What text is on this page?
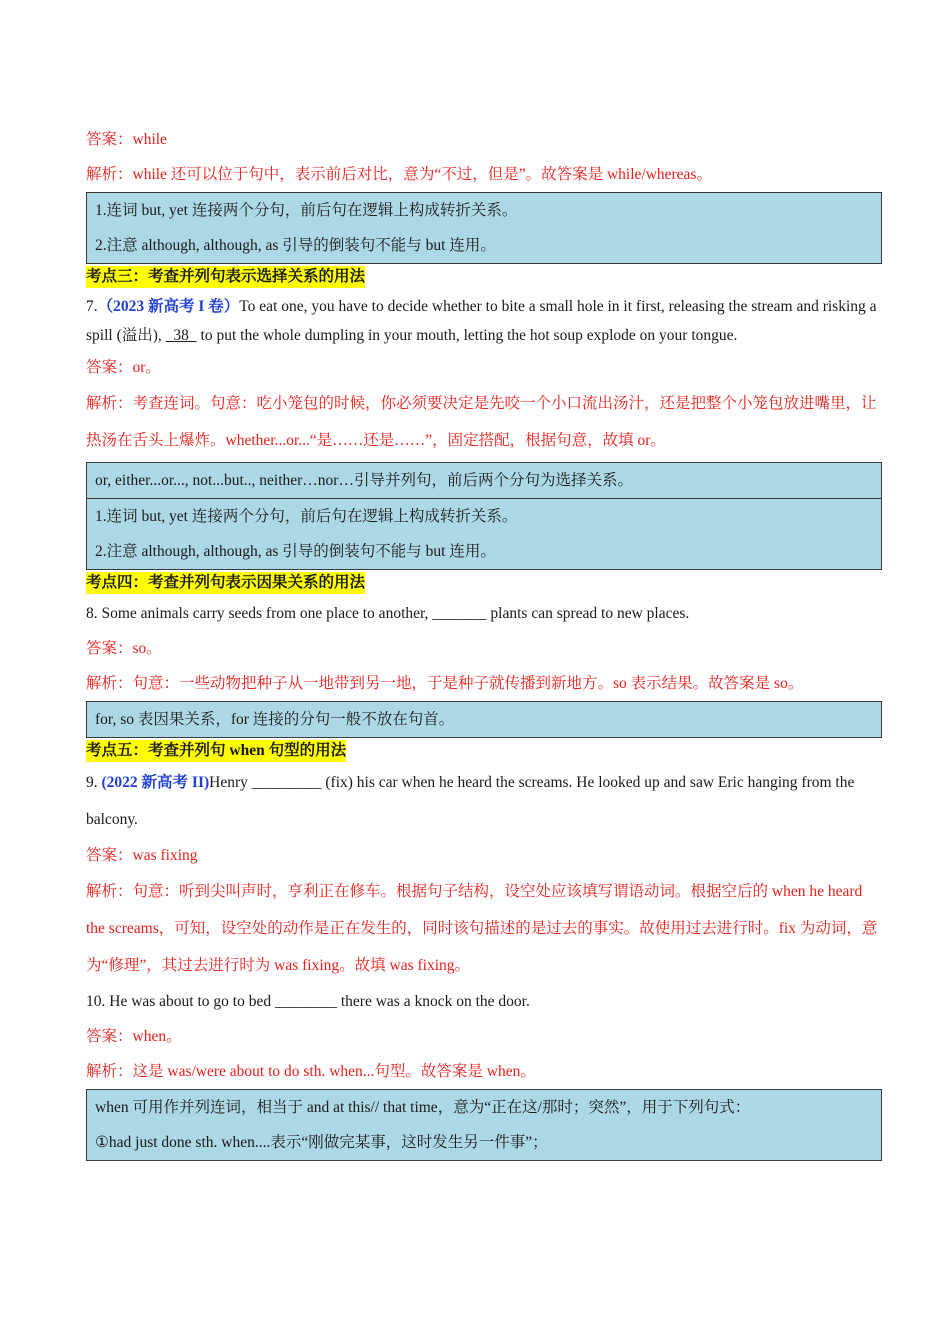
答案：while
解析：while 还可以位于句中，表示前后对比，意为“不过，但是”。故答案是 while/whereas。
1.连词 but, yet 连接两个分句，前后句在逻辑上构成转折关系。
2.注意 although, although, as 引导的倒装句不能与 but 连用。
考点三：考查并列句表示选择关系的用法
7.（2023 新高考 I 卷）To eat one, you have to decide whether to bite a small hole in it first, releasing the stream and risking a spill (溢出),   38   to put the whole dumpling in your mouth, letting the hot soup explode on your tongue.
答案：or。
解析：考查连词。句意：吃小笼包的时候，你必须要决定是先咬一个小口流出汤汁，还是把整个小笼包放进嘴里，让热汤在舌头上爆炸。whether...or...“是……还是……”，固定搭配，根据句意，故填 or。
or, either...or..., not...but.., neither…nor…引导并列句，前后两个分句为选择关系。
1.连词 but, yet 连接两个分句，前后句在逻辑上构成转折关系。
2.注意 although, although, as 引导的倒装句不能与 but 连用。
考点四：考查并列句表示因果关系的用法
8. Some animals carry seeds from one place to another, _______ plants can spread to new places.
答案：so。
解析：句意：一些动物把种子从一地带到另一地，于是种子就传播到新地方。so 表示结果。故答案是 so。
for, so 表因果关系，for 连接的分句一般不放在句首。
考点五：考查并列句 when 句型的用法
9. (2022 新高考 II)Henry _________ (fix) his car when he heard the screams. He looked up and saw Eric hanging from the balcony.
答案：was fixing
解析：句意：听到尖叫声时，亨利正在修车。根据句子结构，设空处应该填写谓语动词。根据空后的 when he heard the screams，可知，设空处的动作是正在发生的，同时该句描述的是过去的事实。故使用过去进行时。fix 为动词，意为“修理”，其过去进行时为 was fixing。故填 was fixing。
10. He was about to go to bed ________ there was a knock on the door.
答案：when。
解析：这是 was/were about to do sth. when...句型。故答案是 when。
when 可用作并列连词，相当于 and at this// that time，意为“正在这/那时；突然”，用于下列句式：
①had just done sth. when....表示“刚做完某事，这时发生另一件事”；
